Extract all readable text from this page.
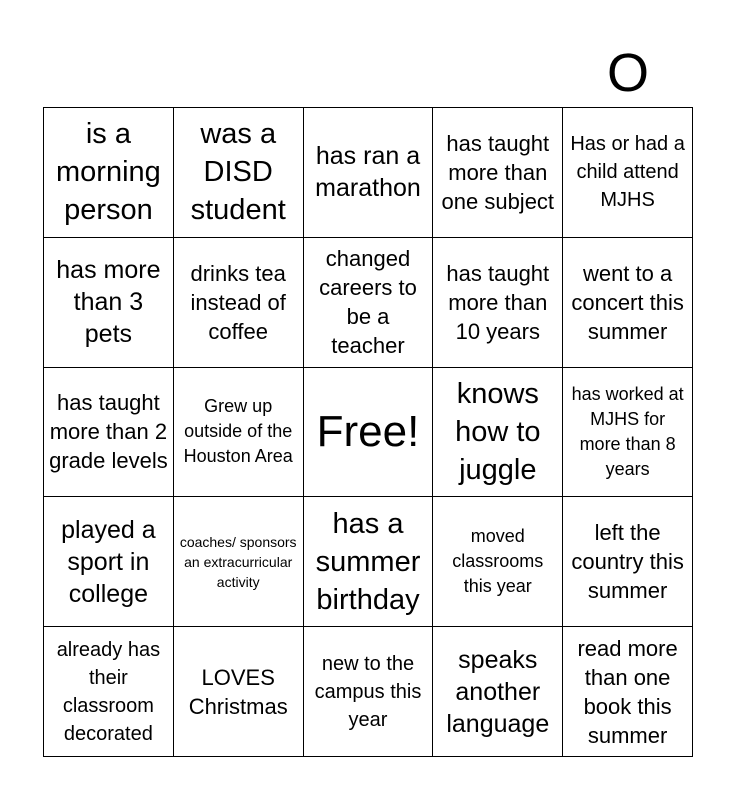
O
is a morning person
was a DISD student
has ran a marathon
has taught more than one subject
Has or had a child attend MJHS
has more than 3 pets
drinks tea instead of coffee
changed careers to be a teacher
has taught more than 10 years
went to a concert this summer
has taught more than 2 grade levels
Grew up outside of the Houston Area
Free!
knows how to juggle
has worked at MJHS for more than 8 years
played a sport in college
coaches/ sponsors an extracurricular activity
has a summer birthday
moved classrooms this year
left the country this summer
already has their classroom decorated
LOVES Christmas
new to the campus this year
speaks another language
read more than one book this summer
